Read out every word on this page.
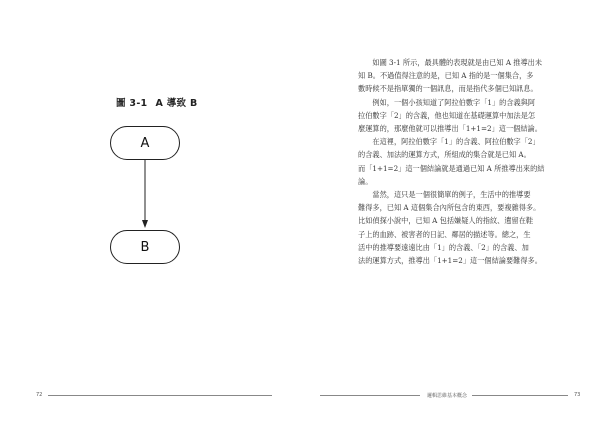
圖 3-1 A 導致 B
A
B
72

如圖 3-1 所示，最具體的表現就是由已知 A 推導出未
知 B。不過值得注意的是，已知 A 指的是一個集合，多
數時候不是指單獨的一個訊息，而是指代多個已知訊息。

例如，一個小孩知道了阿拉伯數字「1」的含義與阿
拉伯數字「2」的含義，他也知道在基礎運算中加法是怎
麼運算的，那麼他就可以推導出「1+1=2」這一個結論。

在這裡，阿拉伯數字「1」的含義、阿拉伯數字「2」
的含義、加法的運算方式，所組成的集合就是已知 A。
而「1+1=2」這一個結論就是通過已知 A 所推導出來的結
論。

當然，這只是一個很簡單的例子，生活中的推導要
難得多，已知 A 這個集合內所包含的東西，要複雜得多。
比如偵探小說中，已知 A 包括嫌疑人的指紋、遺留在鞋
子上的血跡、被害者的日記、鄰居的描述等。總之，生
活中的推導要遠遠比由「1」的含義、「2」的含義、加
法的運算方式，推導出「1+1=2」這一個結論要難得多。

邏輯思維基本概念	73
